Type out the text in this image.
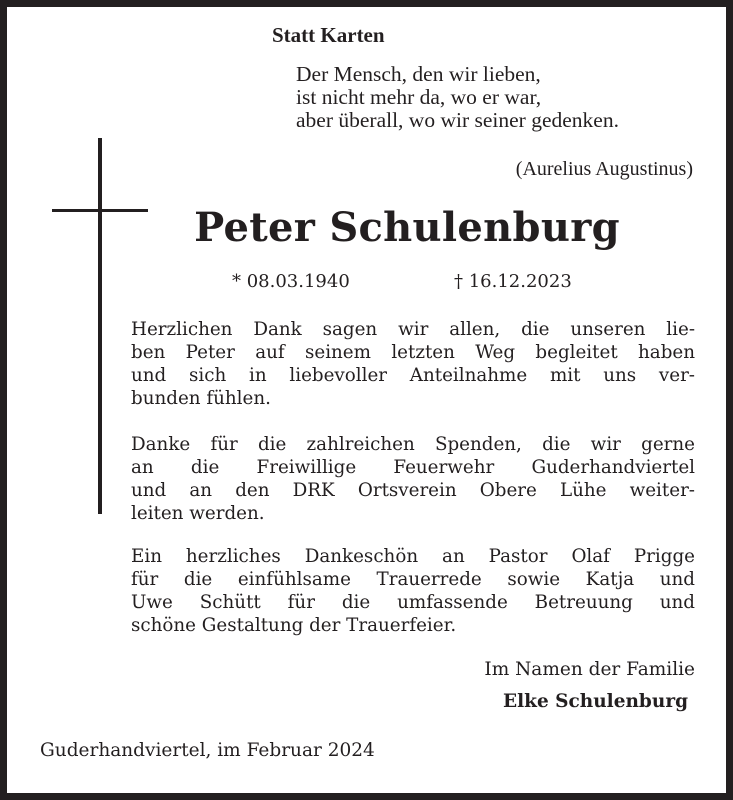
Statt Karten
Der Mensch, den wir lieben,
ist nicht mehr da, wo er war,
aber überall, wo wir seiner gedenken.
(Aurelius Augustinus)
Peter Schulenburg
* 08.03.1940	† 16.12.2023
Herzlichen Dank sagen wir allen, die unseren lie-
ben Peter auf seinem letzten Weg begleitet haben
und sich in liebevoller Anteilnahme mit uns ver-
bunden fühlen.
Danke für die zahlreichen Spenden, die wir gerne
an die Freiwillige Feuerwehr Guderhandviertel
und an den DRK Ortsverein Obere Lühe weiter-
leiten werden.
Ein herzliches Dankeschön an Pastor Olaf Prigge
für die einfühlsame Trauerrede sowie Katja und
Uwe Schütt für die umfassende Betreuung und
schöne Gestaltung der Trauerfeier.
Im Namen der Familie
Elke Schulenburg
Guderhandviertel, im Februar 2024
